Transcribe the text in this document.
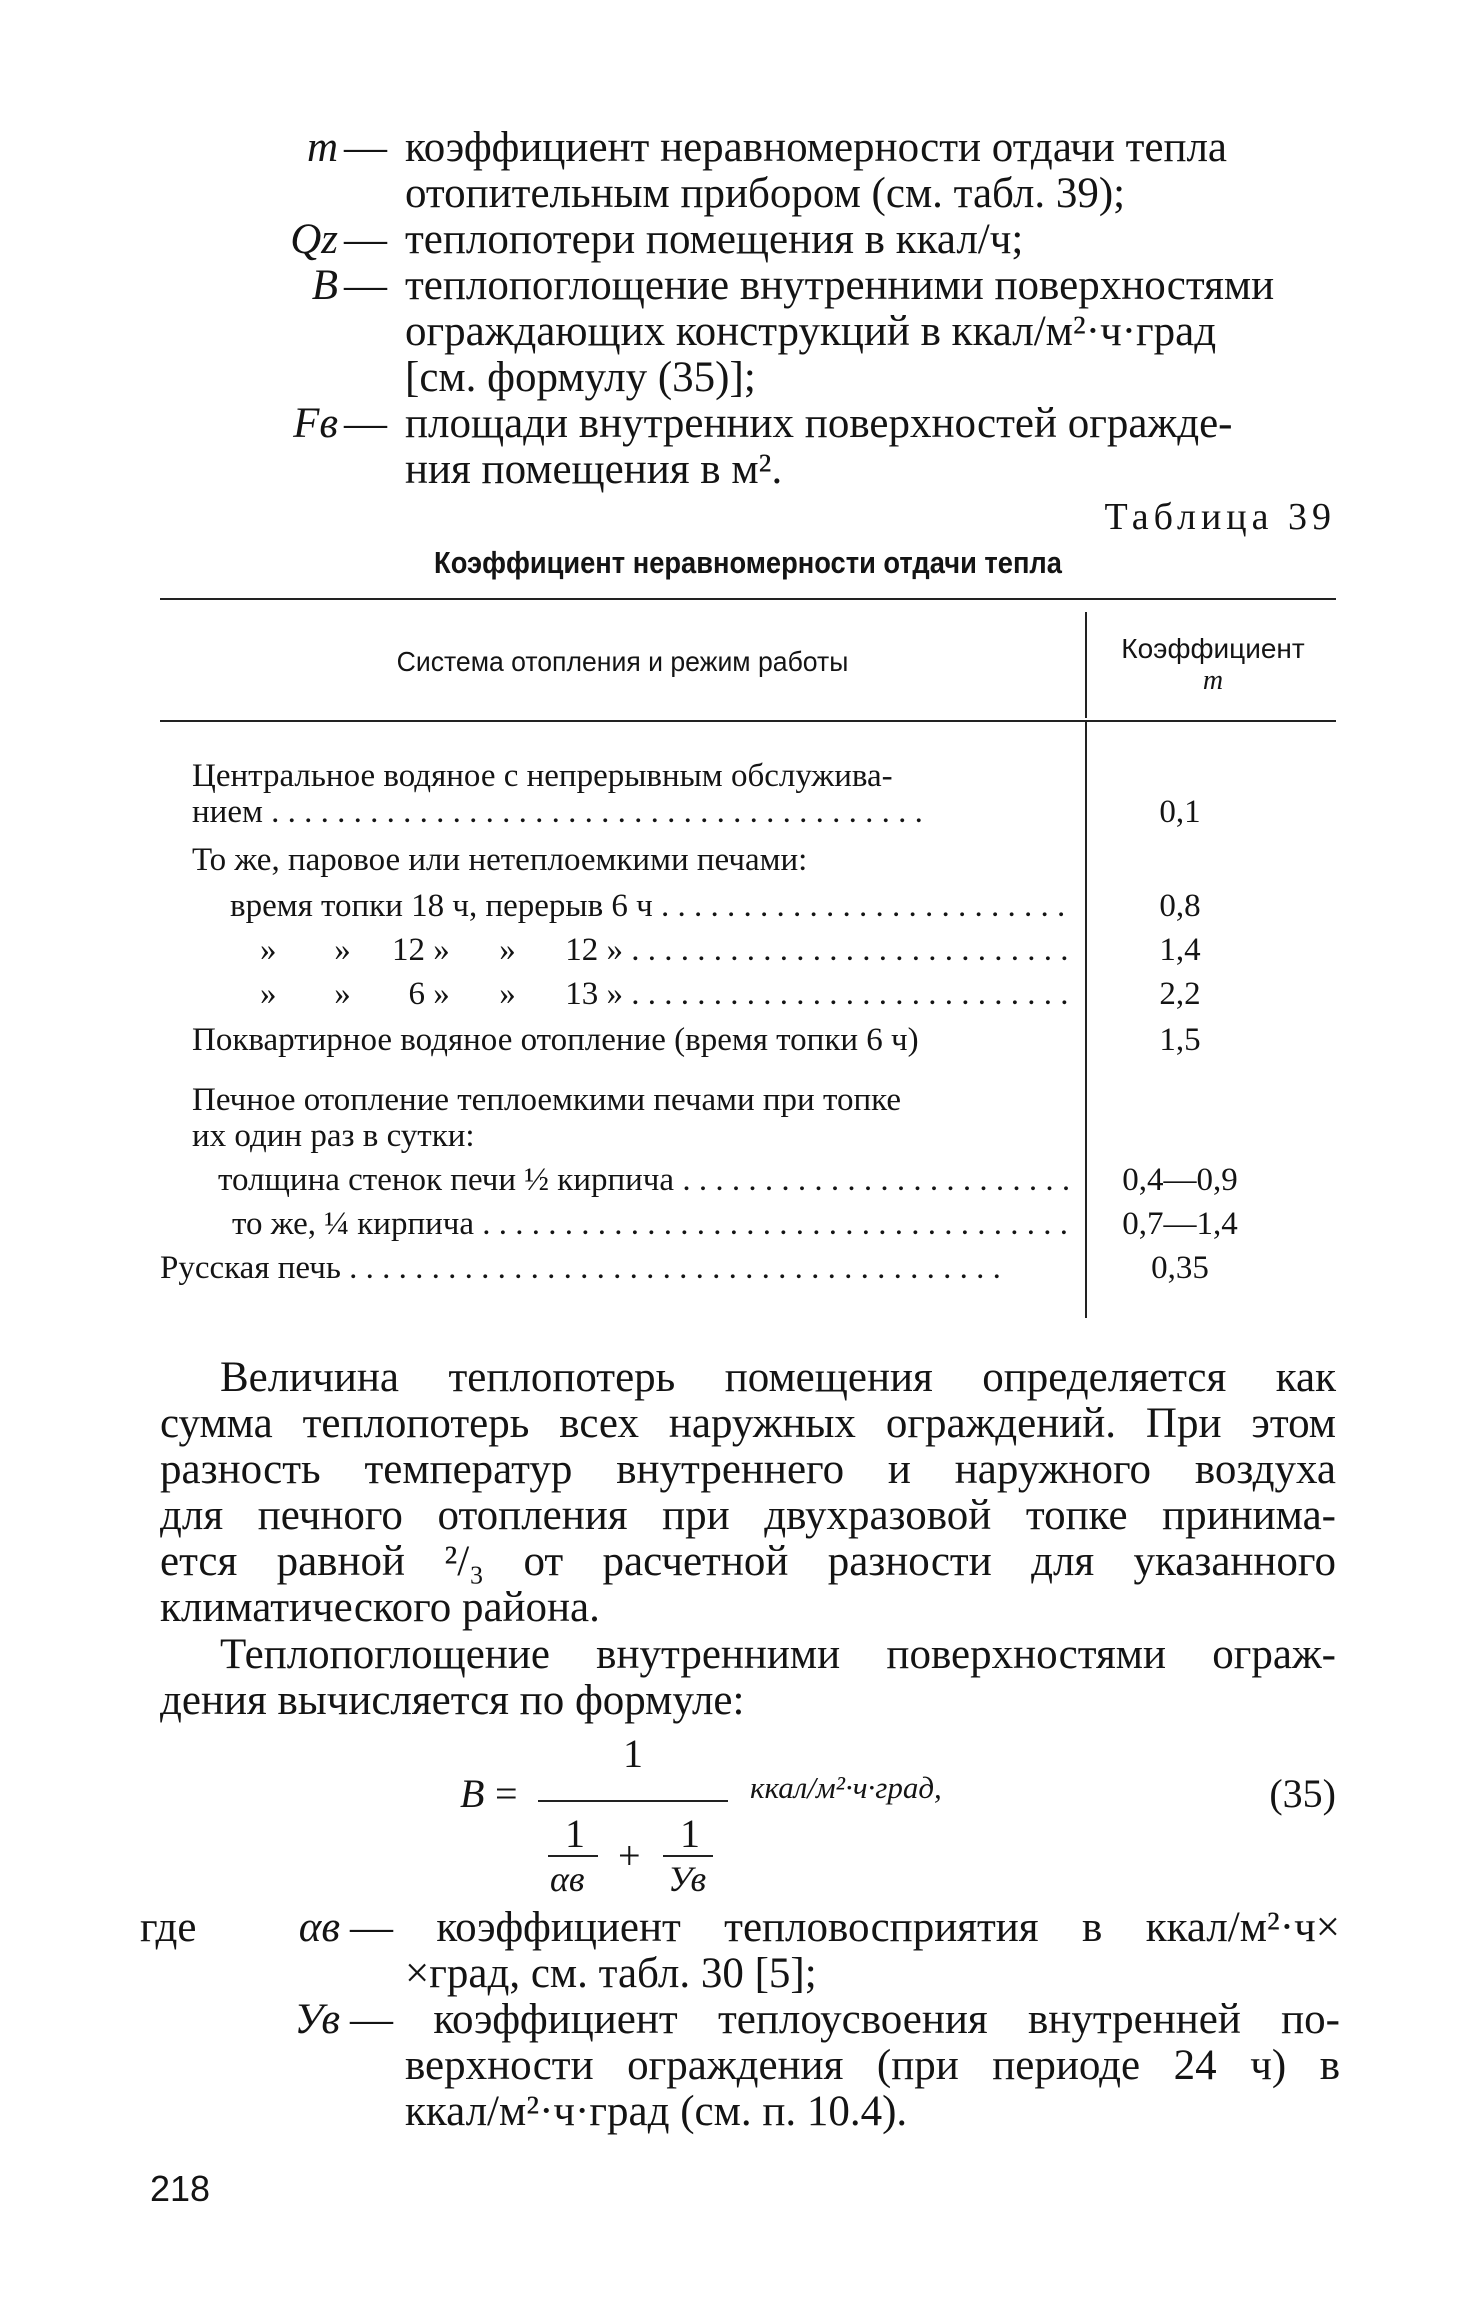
m — коэффициент неравномерности отдачи тепла
отопительным прибором (см. табл. 39);
Qz — теплопотери помещения в ккал/ч;
B — теплопоглощение внутренними поверхностями
ограждающих конструкций в ккал/м²·ч·град
[см. формулу (35)];
Fв — площади внутренних поверхностей огражде-
ния помещения в м².
Таблица 39
Коэффициент неравномерности отдачи тепла
Система отопления и режим работы	Коэффициент
m
Центральное водяное с непрерывным обслужива-
нием . . .	0,1
То же, паровое или нетеплоемкими печами:
время топки 18 ч, перерыв 6 ч . . .	0,8
»       »     12 »      »      12 » . . .	1,4
»       »       6 »      »      13 » . . .	2,2
Поквартирное водяное отопление (время топки 6 ч)	1,5
Печное отопление теплоемкими печами при топке
их один раз в сутки:
толщина стенок печи ½ кирпича . . .	0,4—0,9
то же, ¼ кирпича . . .	0,7—1,4
Русская печь . . .	0,35
Величина теплопотерь помещения определяется как
сумма теплопотерь всех наружных ограждений. При этом
разность температур внутреннего и наружного воздуха
для печного отопления при двухразовой топке принима-
ется равной ²/₃ от расчетной разности для указанного
климатического района.
Теплопоглощение внутренними поверхностями ограж-
дения вычисляется по формуле:
B =
1
1
αв
+ 1
Ув
ккал/м²·ч·град,	(35)
где	αв — коэффициент тепловосприятия в ккал/м²·ч×
×град, см. табл. 30 [5];
Ув — коэффициент теплоусвоения внутренней по-
верхности ограждения (при периоде 24 ч) в
ккал/м²·ч·град (см. п. 10.4).
218
